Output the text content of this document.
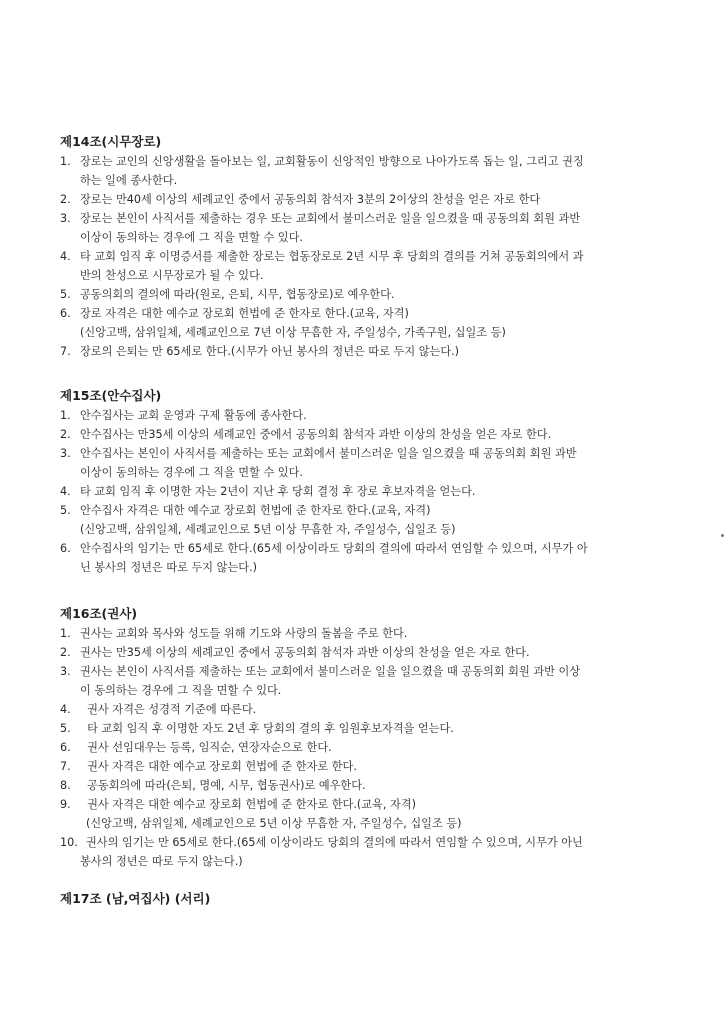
제14조(시무장로)
1. 장로는 교인의 신앙생활을 돌아보는 일, 교회활동이 신앙적인 방향으로 나아가도록 돕는 일, 그리고 권징
하는 일에 종사한다.
2. 장로는 만40세 이상의 세례교인 중에서 공동의회 참석자 3분의 2이상의 찬성을 얻은 자로 한다
3. 장로는 본인이 사직서를 제출하는 경우 또는 교회에서 불미스러운 일을 일으켰을 때 공동의회 회원 과반
이상이 동의하는 경우에 그 직을 면할 수 있다.
4. 타 교회 임직 후 이명증서를 제출한 장로는 협동장로로 2년 시무 후 당회의 결의를 거쳐 공동회의에서 과
반의 찬성으로 시무장로가 될 수 있다.
5. 공동의회의 결의에 따라(원로, 은퇴, 시무, 협동장로)로 예우한다.
6. 장로 자격은 대한 예수교 장로회 헌법에 준 한자로 한다.(교육, 자격)
(신앙고백, 삼위일체, 세례교인으로 7년 이상 무흠한 자, 주일성수, 가족구원, 십일조 등)
7. 장로의 은퇴는 만 65세로 한다.(시무가 아닌 봉사의 정년은 따로 두지 않는다.)
제15조(안수집사)
1. 안수집사는 교회 운영과 구제 활동에 종사한다.
2. 안수집사는 만35세 이상의 세례교인 중에서 공동의회 참석자 과반 이상의 찬성을 얻은 자로 한다.
3. 안수집사는 본인이 사직서를 제출하는 또는 교회에서 불미스러운 일을 일으켰을 때 공동의회 회원 과반
이상이 동의하는 경우에 그 직을 면할 수 있다.
4. 타 교회 임직 후 이명한 자는 2년이 지난 후 당회 결정 후 장로 후보자격을 얻는다.
5. 안수집사 자격은 대한 예수교 장로회 헌법에 준 한자로 한다.(교육, 자격)
(신앙고백, 삼위일체, 세례교인으로 5년 이상 무흠한 자, 주일성수, 십일조 등)
6. 안수집사의 임기는 만 65세로 한다.(65세 이상이라도 당회의 결의에 따라서 연임할 수 있으며, 시무가 아
닌 봉사의 정년은 따로 두지 않는다.)
제16조(권사)
1. 권사는 교회와 목사와 성도들 위해 기도와 사랑의 돌봄을 주로 한다.
2. 권사는 만35세 이상의 세례교인 중에서 공동의회 참석자 과반 이상의 찬성을 얻은 자로 한다.
3. 권사는 본인이 사직서를 제출하는 또는 교회에서 불미스러운 일을 일으켰을 때 공동의회 회원 과반 이상
이 동의하는 경우에 그 직을 면할 수 있다.
4. 권사 자격은 성경적 기준에 따른다.
5. 타 교회 임직 후 이명한 자도 2년 후 당회의 결의 후 임원후보자격을 얻는다.
6. 권사 선임대우는 등록, 임직순, 연장자순으로 한다.
7. 권사 자격은 대한 예수교 장로회 헌법에 준 한자로 한다.
8. 공동회의에 따라(은퇴, 명예, 시무, 협동권사)로 예우한다.
9. 권사 자격은 대한 예수교 장로회 헌법에 준 한자로 한다.(교육, 자격)
(신앙고백, 삼위일체, 세례교인으로 5년 이상 무흠한 자, 주일성수, 십일조 등)
10. 권사의 임기는 만 65세로 한다.(65세 이상이라도 당회의 결의에 따라서 연임할 수 있으며, 시무가 아닌
봉사의 정년은 따로 두지 않는다.)
제17조 (남,여집사) (서리)
